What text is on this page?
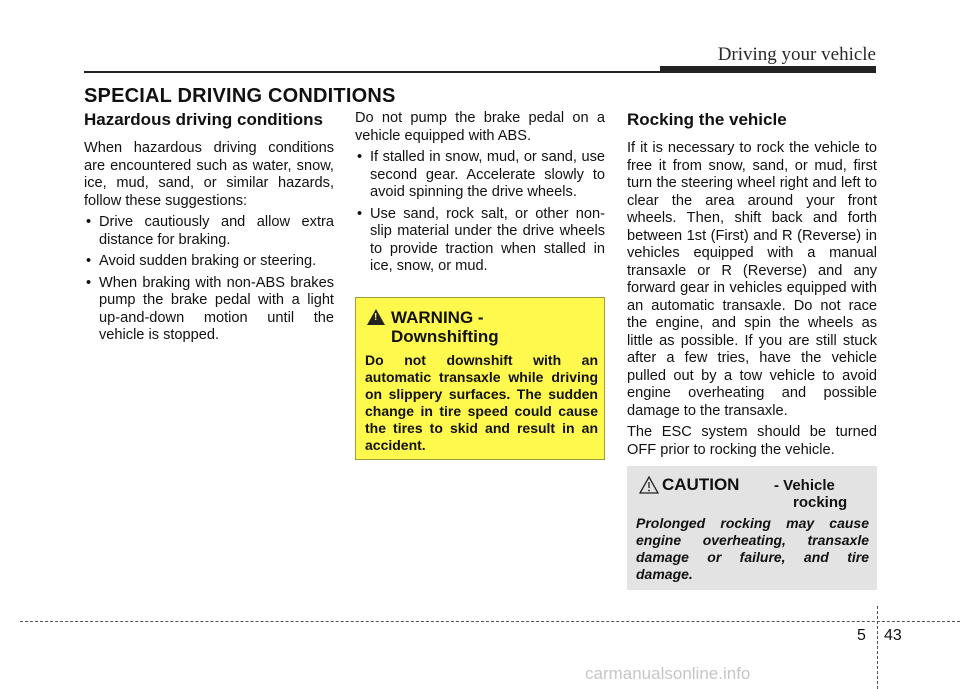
Driving your vehicle
SPECIAL DRIVING CONDITIONS
Hazardous driving conditions

When hazardous driving conditions are encountered such as water, snow, ice, mud, sand, or similar hazards, follow these suggestions:

• Drive cautiously and allow extra distance for braking.
• Avoid sudden braking or steering.
• When braking with non-ABS brakes pump the brake pedal with a light up-and-down motion until the vehicle is stopped.

Do not pump the brake pedal on a vehicle equipped with ABS.

• If stalled in snow, mud, or sand, use second gear. Accelerate slowly to avoid spinning the drive wheels.
• Use sand, rock salt, or other non-slip material under the drive wheels to provide traction when stalled in ice, snow, or mud.
! WARNING -
Downshifting
Do not downshift with an automatic transaxle while driving on slippery surfaces. The sudden change in tire speed could cause the tires to skid and result in an accident.
Rocking the vehicle

If it is necessary to rock the vehicle to free it from snow, sand, or mud, first turn the steering wheel right and left to clear the area around your front wheels. Then, shift back and forth between 1st (First) and R (Reverse) in vehicles equipped with a manual transaxle or R (Reverse) and any forward gear in vehicles equipped with an automatic transaxle. Do not race the engine, and spin the wheels as little as possible. If you are still stuck after a few tries, have the vehicle pulled out by a tow vehicle to avoid engine overheating and possible damage to the transaxle.

The ESC system should be turned OFF prior to rocking the vehicle.

CAUTION - Vehicle
rocking
Prolonged rocking may cause engine overheating, transaxle damage or failure, and tire damage.
5 43
carmanualsonline.info
